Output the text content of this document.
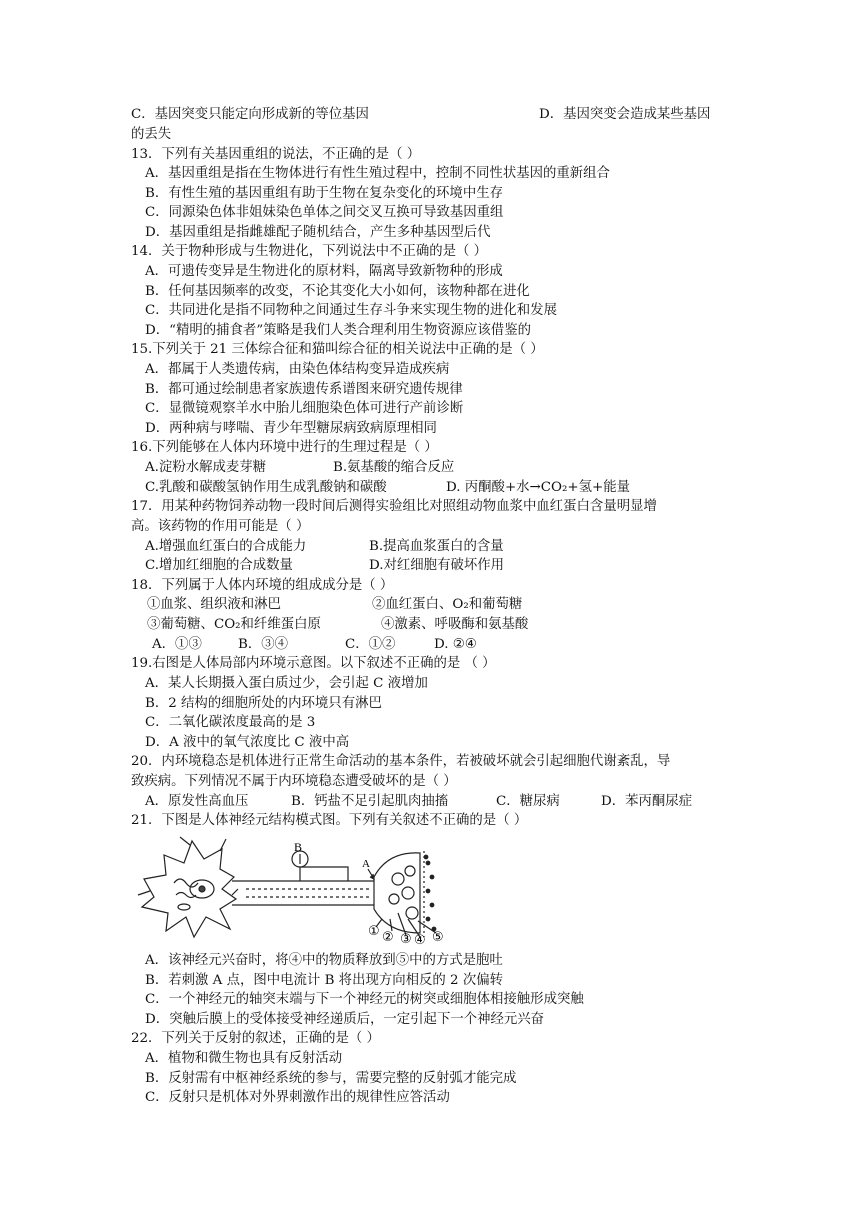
C．基因突变只能定向形成新的等位基因	D．基因突变会造成某些基因
的丢失
13．下列有关基因重组的说法，不正确的是（ ）
A．基因重组是指在生物体进行有性生殖过程中，控制不同性状基因的重新组合
B．有性生殖的基因重组有助于生物在复杂变化的环境中生存
C．同源染色体非姐妹染色单体之间交叉互换可导致基因重组
D．基因重组是指雌雄配子随机结合，产生多种基因型后代
14．关于物种形成与生物进化，下列说法中不正确的是（ ）
A．可遗传变异是生物进化的原材料，隔离导致新物种的形成
B．任何基因频率的改变，不论其变化大小如何，该物种都在进化
C．共同进化是指不同物种之间通过生存斗争来实现生物的进化和发展
D．“精明的捕食者”策略是我们人类合理利用生物资源应该借鉴的
15.下列关于 21 三体综合征和猫叫综合征的相关说法中正确的是（ ）
A．都属于人类遗传病，由染色体结构变异造成疾病
B．都可通过绘制患者家族遗传系谱图来研究遗传规律
C．显微镜观察羊水中胎儿细胞染色体可进行产前诊断
D．两种病与哮喘、青少年型糖尿病致病原理相同
16.下列能够在人体内环境中进行的生理过程是（ ）
A.淀粉水解成麦芽糖	B.氨基酸的缩合反应
C.乳酸和碳酸氢钠作用生成乳酸钠和碳酸	D. 丙酮酸+水→CO₂+氢+能量
17．用某种药物饲养动物一段时间后测得实验组比对照组动物血浆中血红蛋白含量明显增
高。该药物的作用可能是（ ）
A.增强血红蛋白的合成能力	B.提高血浆蛋白的含量
C.增加红细胞的合成数量	D.对红细胞有破坏作用
18．下列属于人体内环境的组成成分是（ ）
①血浆、组织液和淋巴	②血红蛋白、O₂和葡萄糖
③葡萄糖、CO₂和纤维蛋白原	④激素、呼吸酶和氨基酸
A．①③	B．③④	C．①②	D. ②④
19.右图是人体局部内环境示意图。以下叙述不正确的是 （ ）
A．某人长期摄入蛋白质过少，会引起 C 液增加
B．2 结构的细胞所处的内环境只有淋巴
C．二氧化碳浓度最高的是 3
D．A 液中的氧气浓度比 C 液中高
20．内环境稳态是机体进行正常生命活动的基本条件，若被破坏就会引起细胞代谢紊乱，导
致疾病。下列情况不属于内环境稳态遭受破坏的是（ ）
A．原发性高血压	B．钙盐不足引起肌肉抽搐	C．糖尿病	D．苯丙酮尿症
21．下图是人体神经元结构模式图。下列有关叙述不正确的是（ ）
B
A
① ② ③ ④ ⑤
A．该神经元兴奋时，将④中的物质释放到⑤中的方式是胞吐
B．若刺激 A 点，图中电流计 B 将出现方向相反的 2 次偏转
C．一个神经元的轴突末端与下一个神经元的树突或细胞体相接触形成突触
D．突触后膜上的受体接受神经递质后，一定引起下一个神经元兴奋
22．下列关于反射的叙述，正确的是（ ）
A．植物和微生物也具有反射活动
B．反射需有中枢神经系统的参与，需要完整的反射弧才能完成
C．反射只是机体对外界刺激作出的规律性应答活动
